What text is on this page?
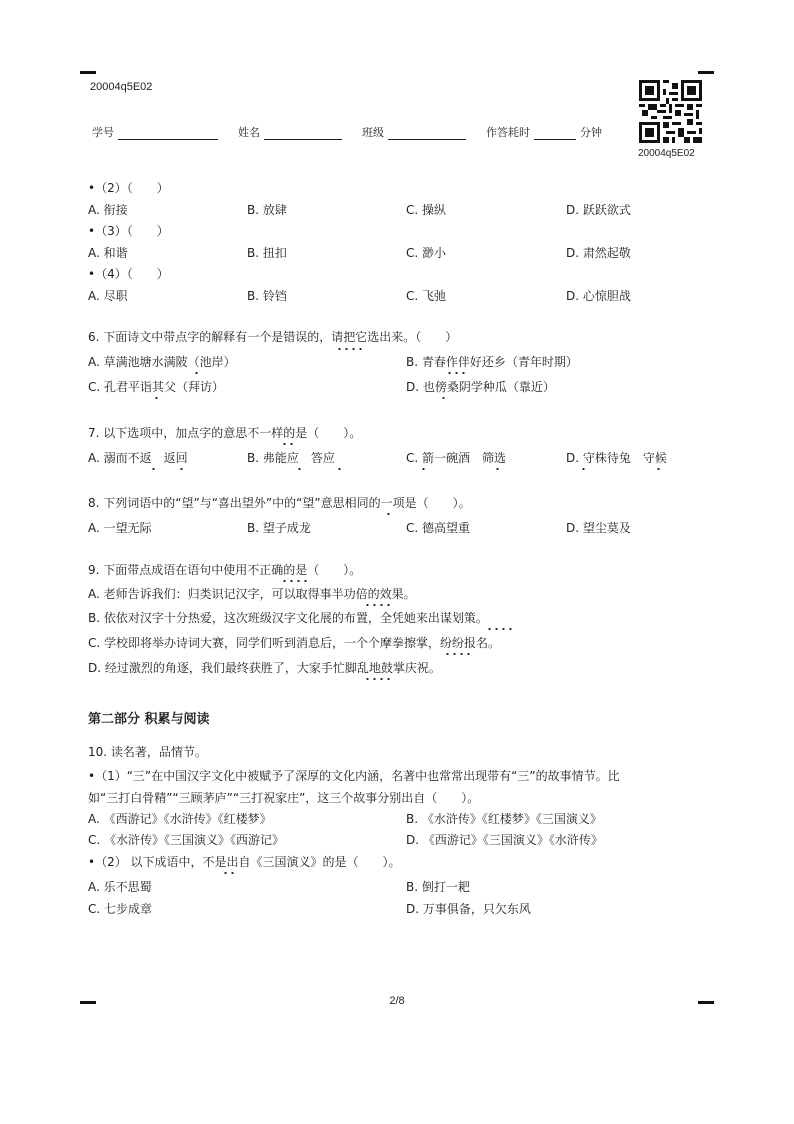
20004q5E02
学号	姓名	班级	作答耗时	分钟
20004q5E02
•（2）（　　）
A. 衔接	B. 放肆	C. 操纵	D. 跃跃欲式
•（3）（　　）
A. 和谐	B. 扭扣	C. 渺小	D. 肃然起敬
•（4）（　　）
A. 尽职	B. 铃铛	C. 飞弛	D. 心惊胆战
6. 下面诗文中带点字的解释有一个是错误的，请把它选出来。（　　）
A. 草满池塘水满陂（池岸）	B. 青春作伴好还乡（青年时期）
C. 孔君平诣其父（拜访）	D. 也傍桑阴学种瓜（靠近）
7. 以下选项中，加点字的意思不一样的是（　　）。
A. 溺而不返　返回	B. 弗能应　答应	C. 箭一碗酒　筛选	D. 守株待兔　守候
8. 下列词语中的“望”与“喜出望外”中的“望”意思相同的一项是（　　）。
A. 一望无际	B. 望子成龙	C. 德高望重	D. 望尘莫及
9. 下面带点成语在语句中使用不正确的是（　　）。
A. 老师告诉我们：归类识记汉字，可以取得事半功倍的效果。
B. 依依对汉字十分热爱，这次班级汉字文化展的布置，全凭她来出谋划策。
C. 学校即将举办诗词大赛，同学们听到消息后，一个个摩拳擦掌，纷纷报名。
D. 经过激烈的角逐，我们最终获胜了，大家手忙脚乱地鼓掌庆祝。
第二部分 积累与阅读
10. 读名著，品情节。
•（1）“三”在中国汉字文化中被赋予了深厚的文化内涵，名著中也常常出现带有“三”的故事情节。比
如“三打白骨精”“三顾茅庐”“三打祝家庄”，这三个故事分别出自（　　）。
A. 《西游记》《水浒传》《红楼梦》	B. 《水浒传》《红楼梦》《三国演义》
C. 《水浒传》《三国演义》《西游记》	D. 《西游记》《三国演义》《水浒传》
•（2） 以下成语中，不是出自《三国演义》的是（　　）。
A. 乐不思蜀	B. 倒打一耙
C. 七步成章	D. 万事俱备，只欠东风
2/8
